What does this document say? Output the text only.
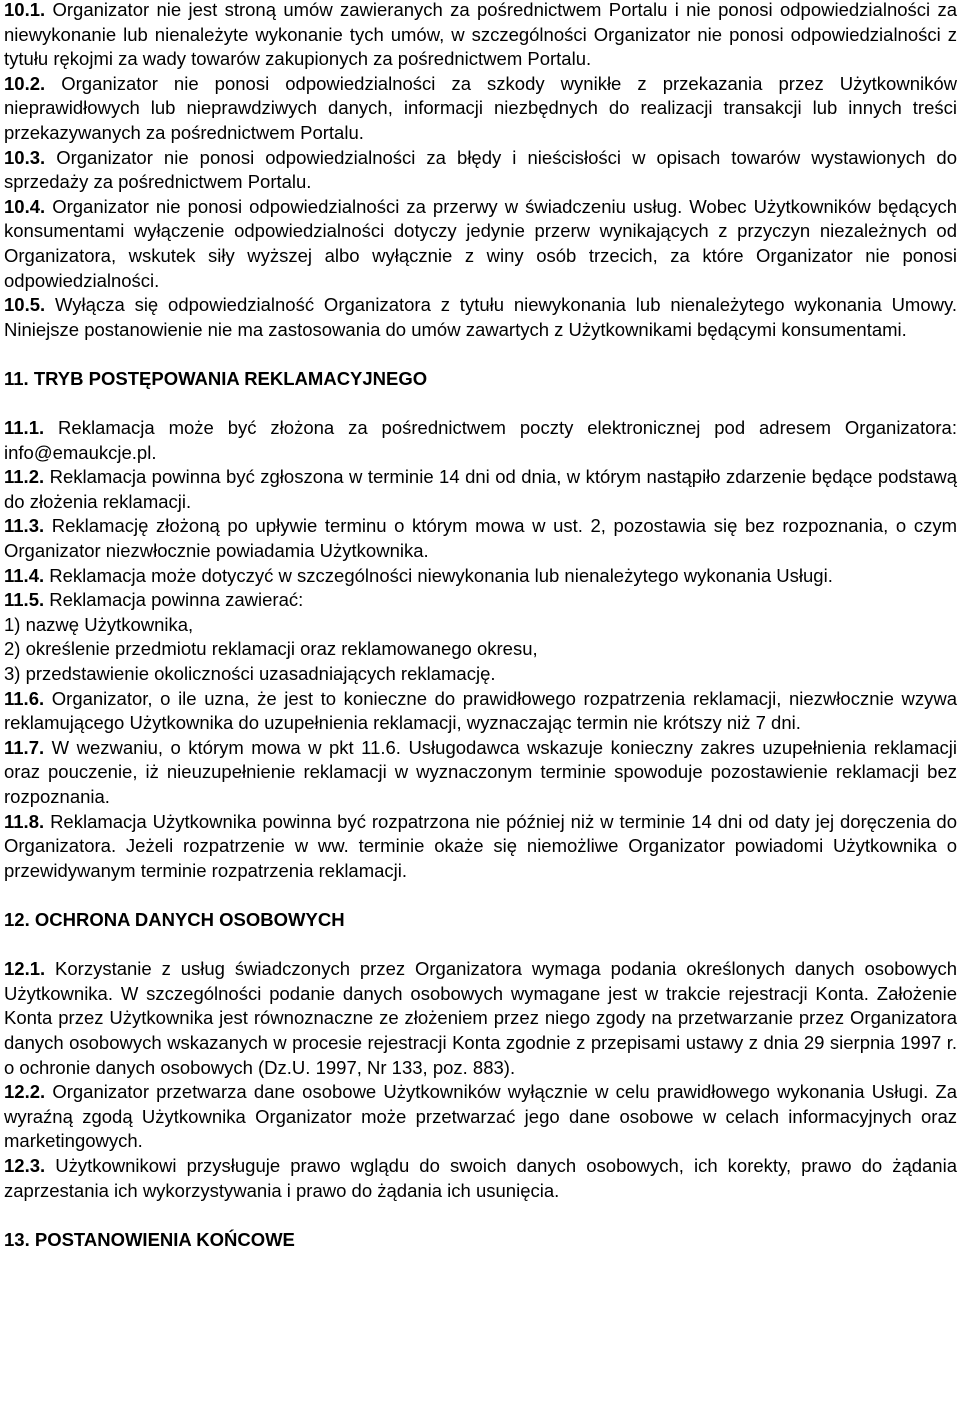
10.1. Organizator nie jest stroną umów zawieranych za pośrednictwem Portalu i nie ponosi odpowiedzialności za niewykonanie lub nienależyte wykonanie tych umów, w szczególności Organizator nie ponosi odpowiedzialności z tytułu rękojmi za wady towarów zakupionych za pośrednictwem Portalu.

10.2. Organizator nie ponosi odpowiedzialności za szkody wynikłe z przekazania przez Użytkowników nieprawidłowych lub nieprawdziwych danych, informacji niezbędnych do realizacji transakcji lub innych treści przekazywanych za pośrednictwem Portalu.

10.3. Organizator nie ponosi odpowiedzialności za błędy i nieścisłości w opisach towarów wystawionych do sprzedaży za pośrednictwem Portalu.

10.4. Organizator nie ponosi odpowiedzialności za przerwy w świadczeniu usług. Wobec Użytkowników będących konsumentami wyłączenie odpowiedzialności dotyczy jedynie przerw wynikających z przyczyn niezależnych od Organizatora, wskutek siły wyższej albo wyłącznie z winy osób trzecich, za które Organizator nie ponosi odpowiedzialności.

10.5. Wyłącza się odpowiedzialność Organizatora z tytułu niewykonania lub nienależytego wykonania Umowy. Niniejsze postanowienie nie ma zastosowania do umów zawartych z Użytkownikami będącymi konsumentami.

11. TRYB POSTĘPOWANIA REKLAMACYJNEGO

11.1. Reklamacja może być złożona za pośrednictwem poczty elektronicznej pod adresem Organizatora: info@emaukcje.pl.

11.2. Reklamacja powinna być zgłoszona w terminie 14 dni od dnia, w którym nastąpiło zdarzenie będące podstawą do złożenia reklamacji.

11.3. Reklamację złożoną po upływie terminu o którym mowa w ust. 2, pozostawia się bez rozpoznania, o czym Organizator niezwłocznie powiadamia Użytkownika.

11.4. Reklamacja może dotyczyć w szczególności niewykonania lub nienależytego wykonania Usługi.

11.5. Reklamacja powinna zawierać:

1) nazwę Użytkownika,

2) określenie przedmiotu reklamacji oraz reklamowanego okresu,

3) przedstawienie okoliczności uzasadniających reklamację.

11.6. Organizator, o ile uzna, że jest to konieczne do prawidłowego rozpatrzenia reklamacji, niezwłocznie wzywa reklamującego Użytkownika do uzupełnienia reklamacji, wyznaczając termin nie krótszy niż 7 dni.

11.7. W wezwaniu, o którym mowa w pkt 11.6. Usługodawca wskazuje konieczny zakres uzupełnienia reklamacji oraz pouczenie, iż nieuzupełnienie reklamacji w wyznaczonym terminie spowoduje pozostawienie reklamacji bez rozpoznania.

11.8. Reklamacja Użytkownika powinna być rozpatrzona nie później niż w terminie 14 dni od daty jej doręczenia do Organizatora. Jeżeli rozpatrzenie w ww. terminie okaże się niemożliwe Organizator powiadomi Użytkownika o przewidywanym terminie rozpatrzenia reklamacji.

12. OCHRONA DANYCH OSOBOWYCH

12.1. Korzystanie z usług świadczonych przez Organizatora wymaga podania określonych danych osobowych Użytkownika. W szczególności podanie danych osobowych wymagane jest w trakcie rejestracji Konta. Założenie Konta przez Użytkownika jest równoznaczne ze złożeniem przez niego zgody na przetwarzanie przez Organizatora danych osobowych wskazanych w procesie rejestracji Konta zgodnie z przepisami ustawy z dnia 29 sierpnia 1997 r. o ochronie danych osobowych (Dz.U. 1997, Nr 133, poz. 883).

12.2. Organizator przetwarza dane osobowe Użytkowników wyłącznie w celu prawidłowego wykonania Usługi. Za wyraźną zgodą Użytkownika Organizator może przetwarzać jego dane osobowe w celach informacyjnych oraz marketingowych.

12.3. Użytkownikowi przysługuje prawo wglądu do swoich danych osobowych, ich korekty, prawo do żądania zaprzestania ich wykorzystywania i prawo do żądania ich usunięcia.

13. POSTANOWIENIA KOŃCOWE
